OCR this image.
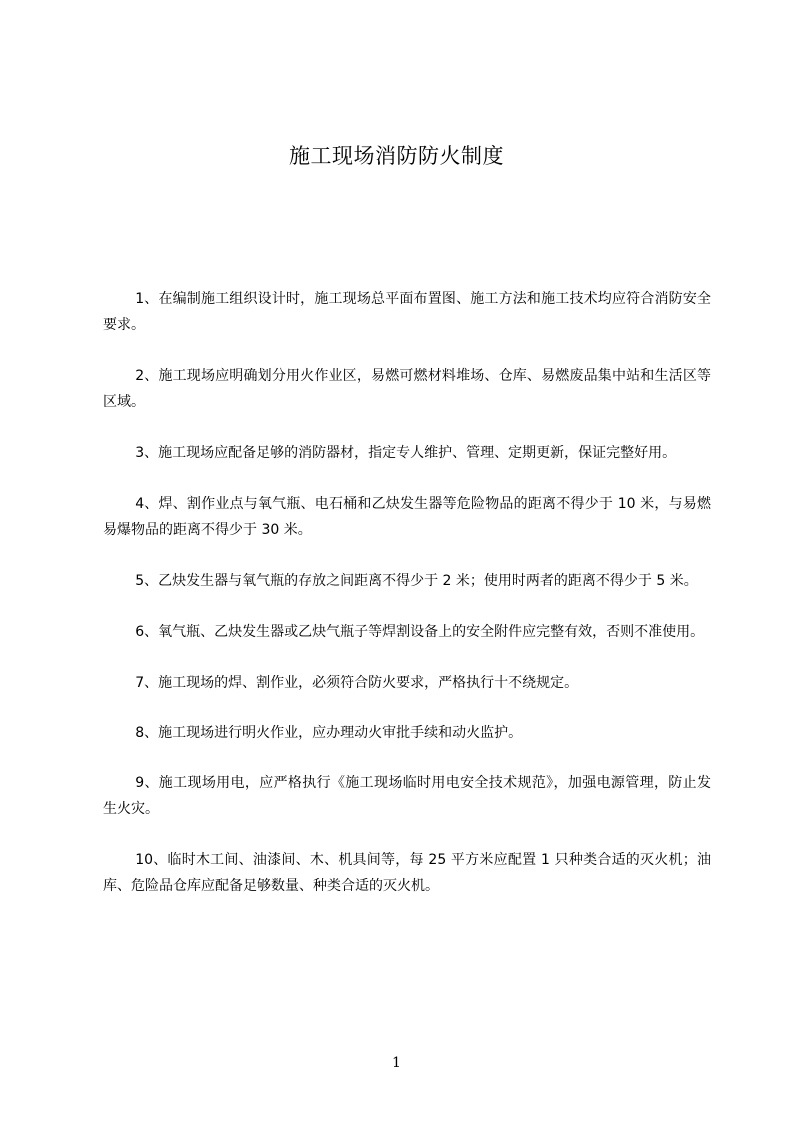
施工现场消防防火制度

1、在编制施工组织设计时，施工现场总平面布置图、施工方法和施工技术均应符合消防安全要求。

2、施工现场应明确划分用火作业区，易燃可燃材料堆场、仓库、易燃废品集中站和生活区等区域。

3、施工现场应配备足够的消防器材，指定专人维护、管理、定期更新，保证完整好用。

4、焊、割作业点与氧气瓶、电石桶和乙炔发生器等危险物品的距离不得少于 10 米，与易燃易爆物品的距离不得少于 30 米。

5、乙炔发生器与氧气瓶的存放之间距离不得少于 2 米；使用时两者的距离不得少于 5 米。

6、氧气瓶、乙炔发生器或乙炔气瓶子等焊割设备上的安全附件应完整有效，否则不准使用。

7、施工现场的焊、割作业，必须符合防火要求，严格执行十不绕规定。

8、施工现场进行明火作业，应办理动火审批手续和动火监护。

9、施工现场用电，应严格执行《施工现场临时用电安全技术规范》，加强电源管理，防止发生火灾。

10、临时木工间、油漆间、木、机具间等，每 25 平方米应配置 1 只种类合适的灭火机；油库、危险品仓库应配备足够数量、种类合适的灭火机。

1
